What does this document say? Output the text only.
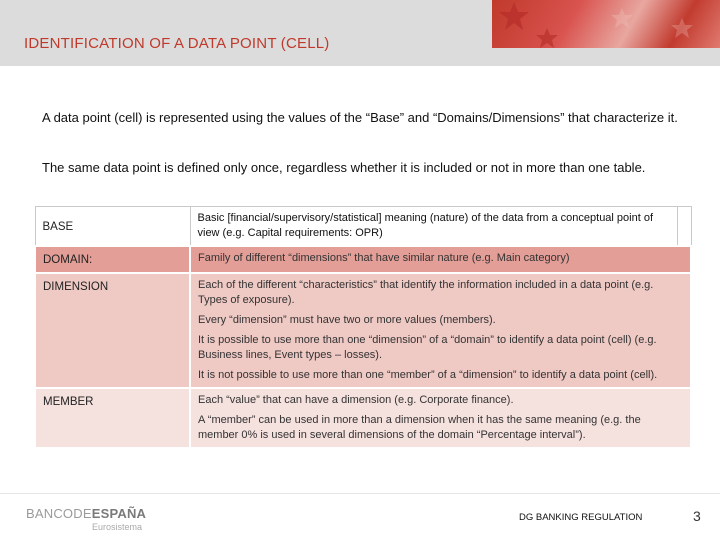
IDENTIFICATION OF A DATA POINT (CELL)
A data point (cell) is represented using the values of the “Base” and “Domains/Dimensions” that characterize it.
The same data point is defined only once, regardless whether it is included or not in more than one table.
BASE	Basic [financial/supervisory/statistical] meaning (nature) of the data from a conceptual point of view (e.g. Capital requirements: OPR)	

DOMAIN:	Family of different “dimensions” that have similar nature (e.g. Main category)	

DIMENSION	Each of the different “characteristics” that identify the information included in a data point (e.g. Types of exposure).

Every “dimension” must have two or more values (members).

It is possible to use more than one “dimension” of a “domain” to identify a data point (cell) (e.g. Business lines, Event types – losses).

It is not possible to use more than one “member” of a “dimension” to identify a data point (cell).	

MEMBER	Each “value” that can have a dimension (e.g. Corporate finance).

A “member” can be used in more than a dimension when it has the same meaning (e.g. the member 0% is used in several dimensions of the domain “Percentage interval”).	

BANCODEESPAÑA
Eurosistema
DG BANKING REGULATION	3
